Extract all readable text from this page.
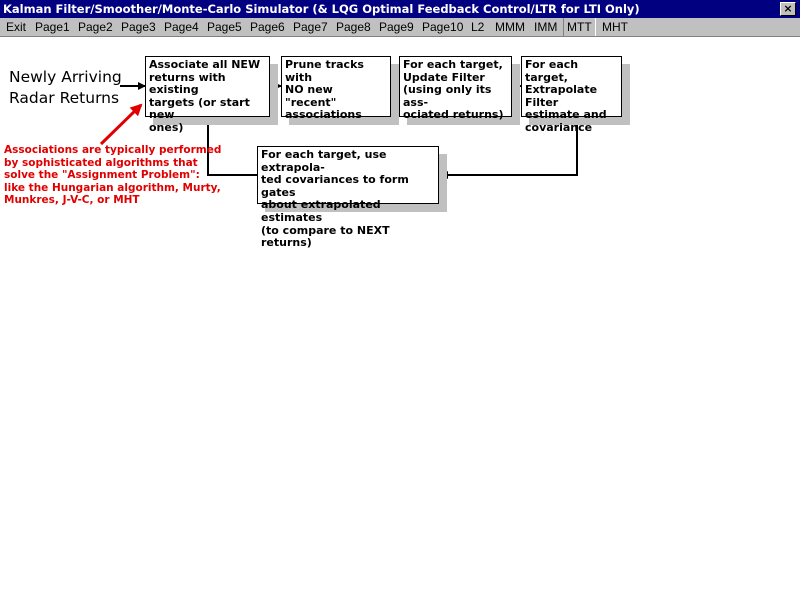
Kalman Filter/Smoother/Monte-Carlo Simulator (& LQG Optimal Feedback Control/LTR for LTI Only)	×
Exit Page1 Page2 Page3 Page4 Page5 Page6 Page7 Page8 Page9 Page10 L2 MMM IMM MTT MHT
Newly Arriving
Radar Returns
Associate all NEW
returns with existing
targets (or start new
ones)
Prune tracks with
NO new "recent"
associations
For each target,
Update Filter
(using only its ass-
ociated returns)
For each target,
Extrapolate Filter
estimate and
covariance
For each target, use extrapola-
ted covariances to form gates
about extrapolated estimates
(to compare to NEXT returns)
Associations are typically performed
by sophisticated algorithms that
solve the "Assignment Problem":
like the Hungarian algorithm, Murty,
Munkres, J-V-C, or MHT
